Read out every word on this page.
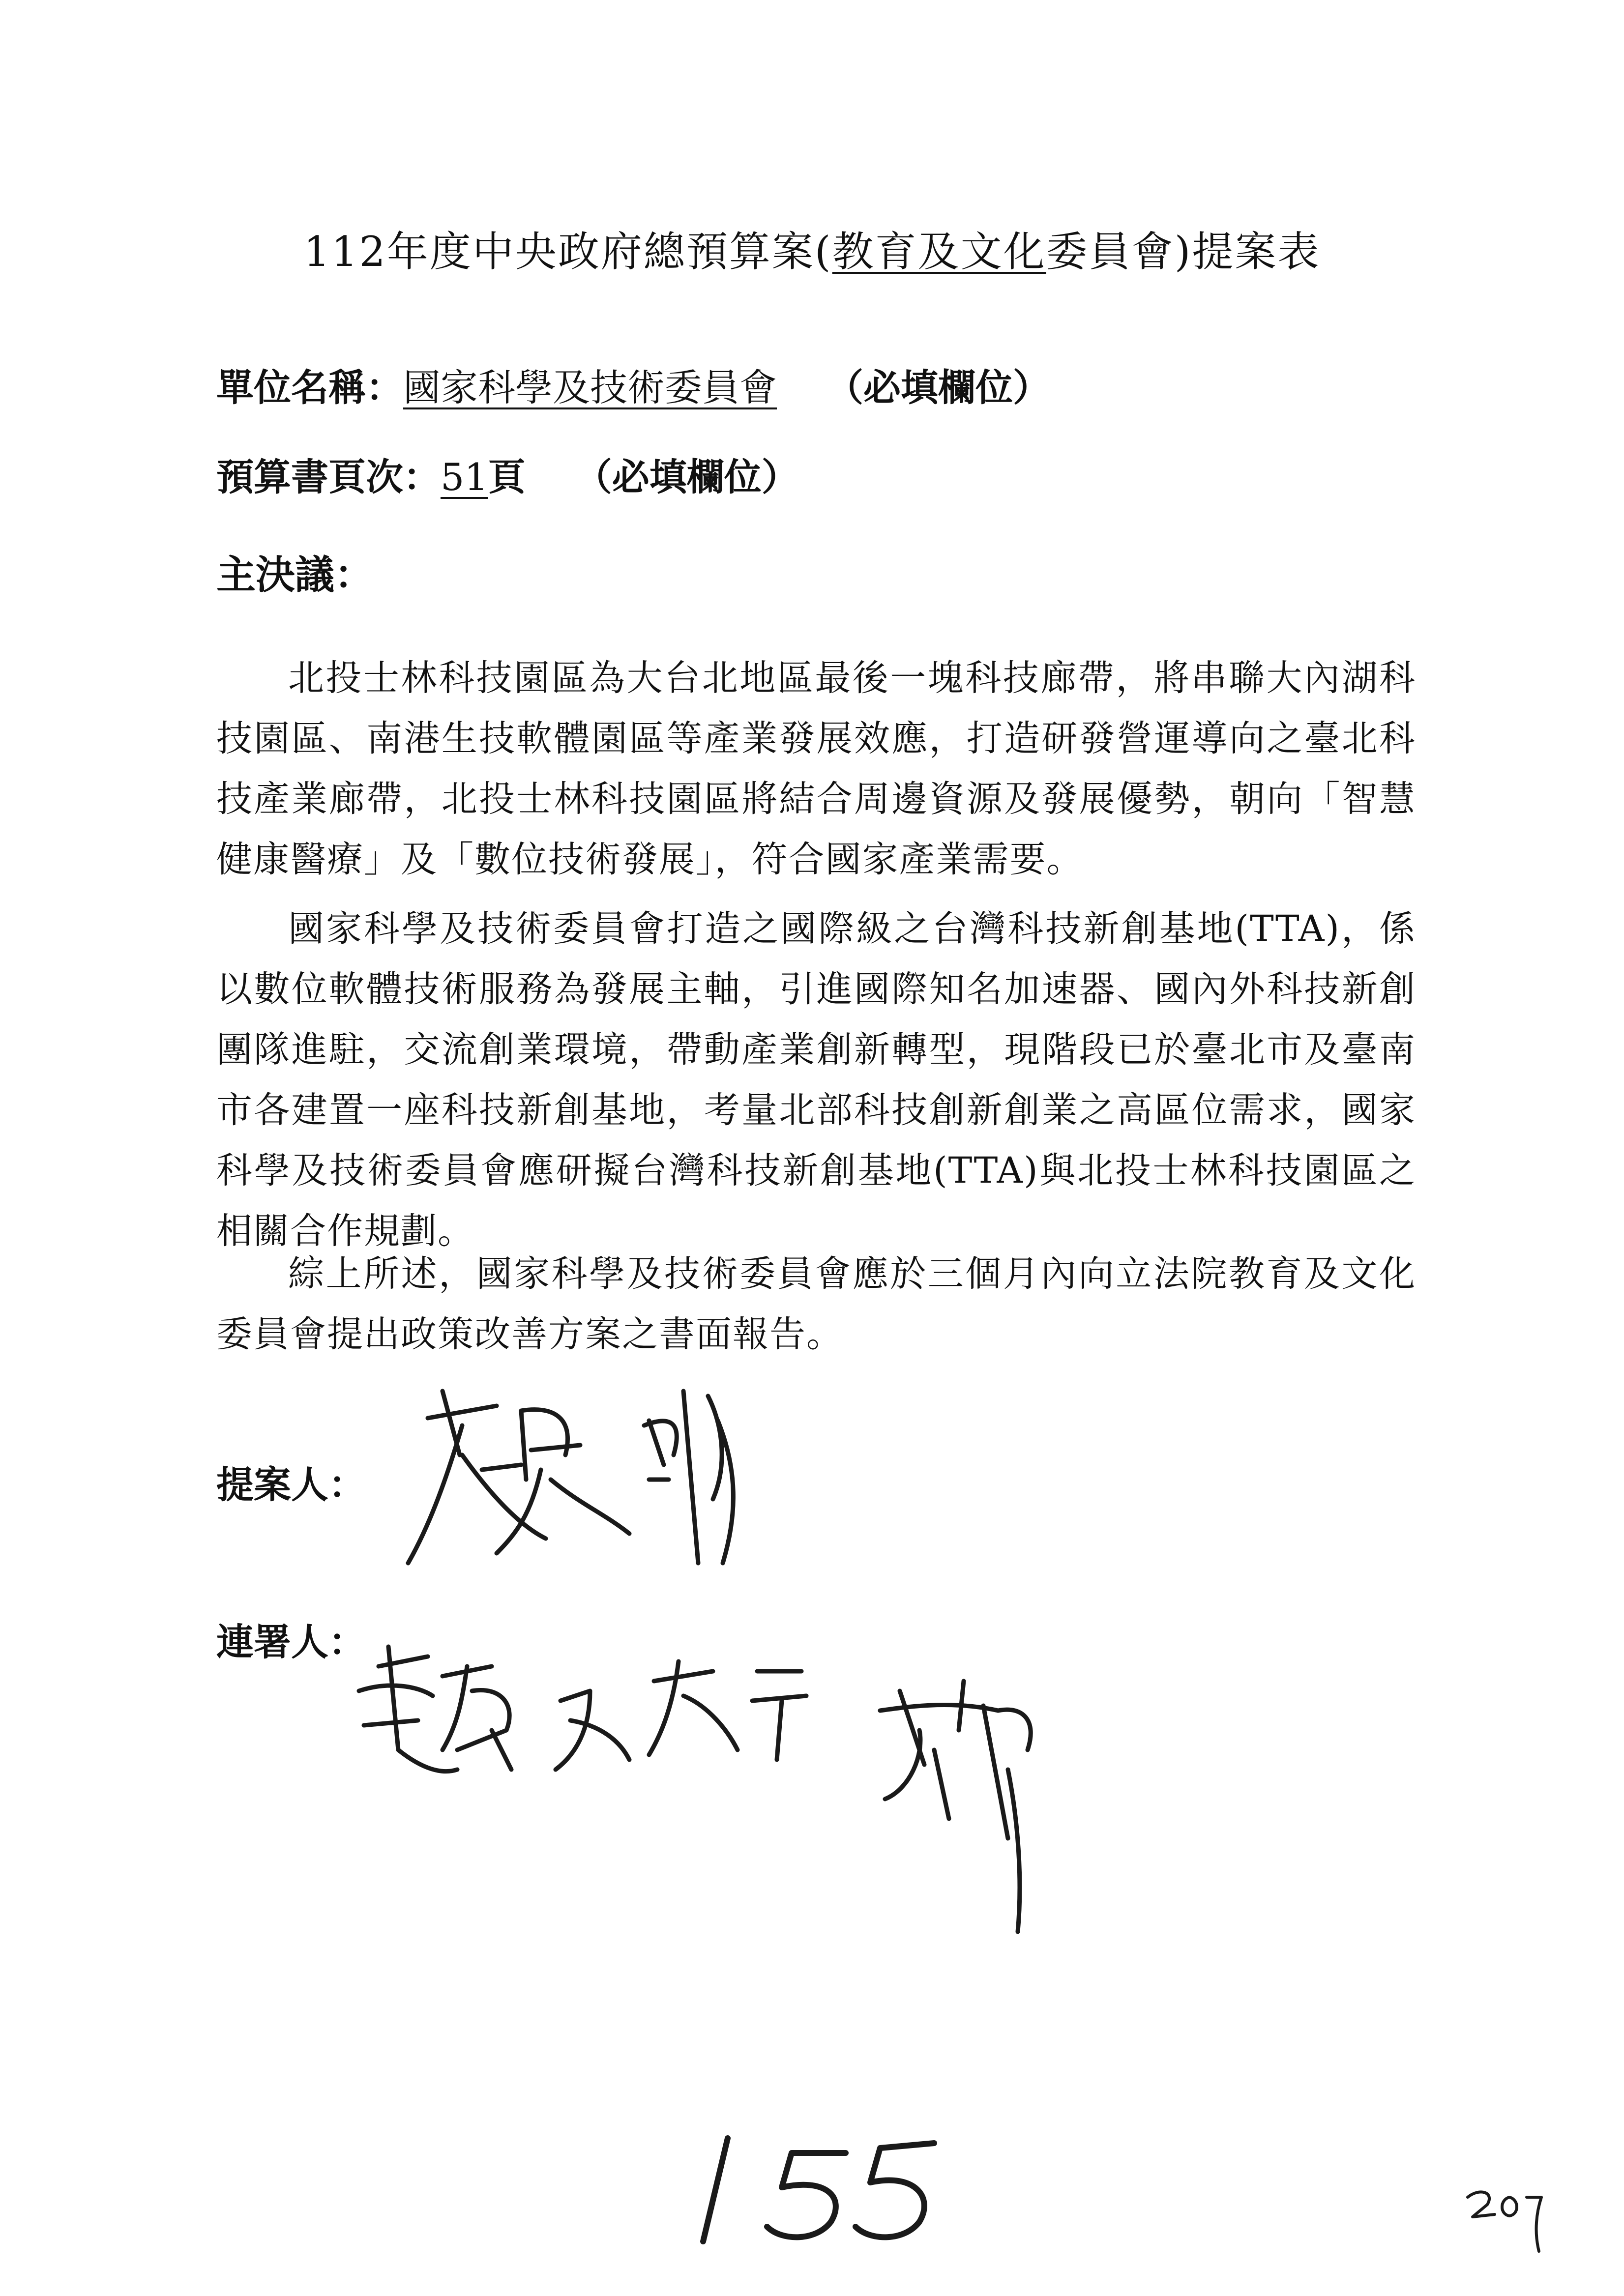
112年度中央政府總預算案(教育及文化委員會)提案表
單位名稱：國家科學及技術委員會 （必填欄位）
預算書頁次：51頁 （必填欄位）
主決議：

北投士林科技園區為大台北地區最後一塊科技廊帶，將串聯大內湖科技園區、南港生技軟體園區等產業發展效應，打造研發營運導向之臺北科技產業廊帶，北投士林科技園區將結合周邊資源及發展優勢，朝向「智慧健康醫療」及「數位技術發展」，符合國家產業需要。

國家科學及技術委員會打造之國際級之台灣科技新創基地(TTA)，係以數位軟體技術服務為發展主軸，引進國際知名加速器、國內外科技新創團隊進駐，交流創業環境，帶動產業創新轉型，現階段已於臺北市及臺南市各建置一座科技新創基地，考量北部科技創新創業之高區位需求，國家科學及技術委員會應研擬台灣科技新創基地(TTA)與北投士林科技園區之相關合作規劃。

綜上所述，國家科學及技術委員會應於三個月內向立法院教育及文化委員會提出政策改善方案之書面報告。

提案人：
連署人：
